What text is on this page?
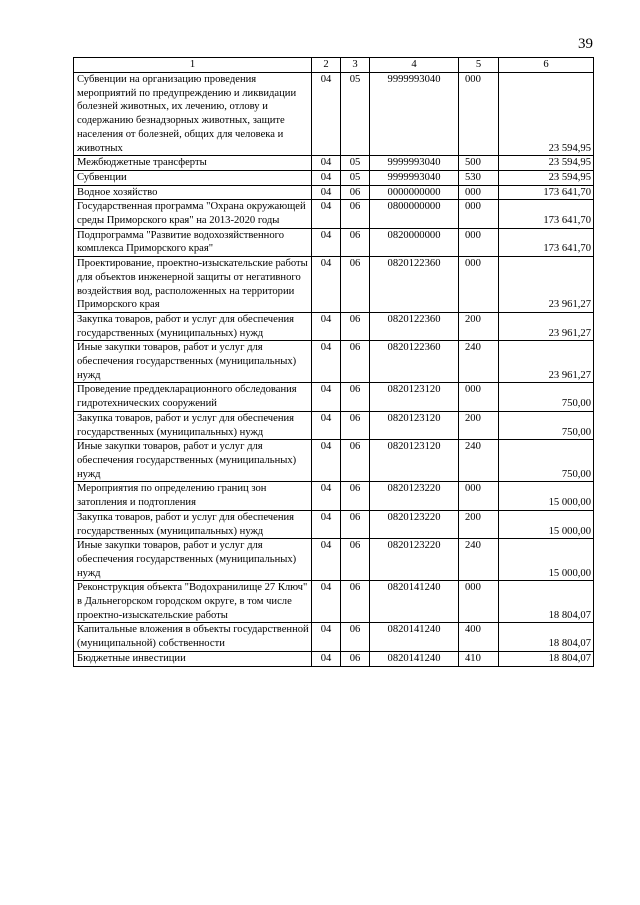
39
1	2	3	4	5	6
Субвенции на организацию проведения мероприятий по предупреждению и ликвидации болезней животных, их лечению, отлову и содержанию безнадзорных животных, защите населения от болезней, общих для человека и животных	04	05	9999993040	000	23 594,95
Межбюджетные трансферты	04	05	9999993040	500	23 594,95
Субвенции	04	05	9999993040	530	23 594,95
Водное хозяйство	04	06	0000000000	000	173 641,70
Государственная программа "Охрана окружающей среды Приморского края" на 2013-2020 годы	04	06	0800000000	000	173 641,70
Подпрограмма "Развитие водохозяйственного комплекса Приморского края"	04	06	0820000000	000	173 641,70
Проектирование, проектно-изыскательские работы для объектов инженерной защиты от негативного воздействия вод, расположенных на территории Приморского края	04	06	0820122360	000	23 961,27
Закупка товаров, работ и услуг для обеспечения государственных (муниципальных) нужд	04	06	0820122360	200	23 961,27
Иные закупки товаров, работ и услуг для обеспечения государственных (муниципальных) нужд	04	06	0820122360	240	23 961,27
Проведение преддекларационного обследования гидротехнических сооружений	04	06	0820123120	000	750,00
Закупка товаров, работ и услуг для обеспечения государственных (муниципальных) нужд	04	06	0820123120	200	750,00
Иные закупки товаров, работ и услуг для обеспечения государственных (муниципальных) нужд	04	06	0820123120	240	750,00
Мероприятия по определению границ зон затопления и подтопления	04	06	0820123220	000	15 000,00
Закупка товаров, работ и услуг для обеспечения государственных (муниципальных) нужд	04	06	0820123220	200	15 000,00
Иные закупки товаров, работ и услуг для обеспечения государственных (муниципальных) нужд	04	06	0820123220	240	15 000,00
Реконструкция объекта "Водохранилище 27 Ключ" в Дальнегорском городском округе, в том числе проектно-изыскательские работы	04	06	0820141240	000	18 804,07
Капитальные вложения в объекты государственной (муниципальной) собственности	04	06	0820141240	400	18 804,07
Бюджетные инвестиции	04	06	0820141240	410	18 804,07
